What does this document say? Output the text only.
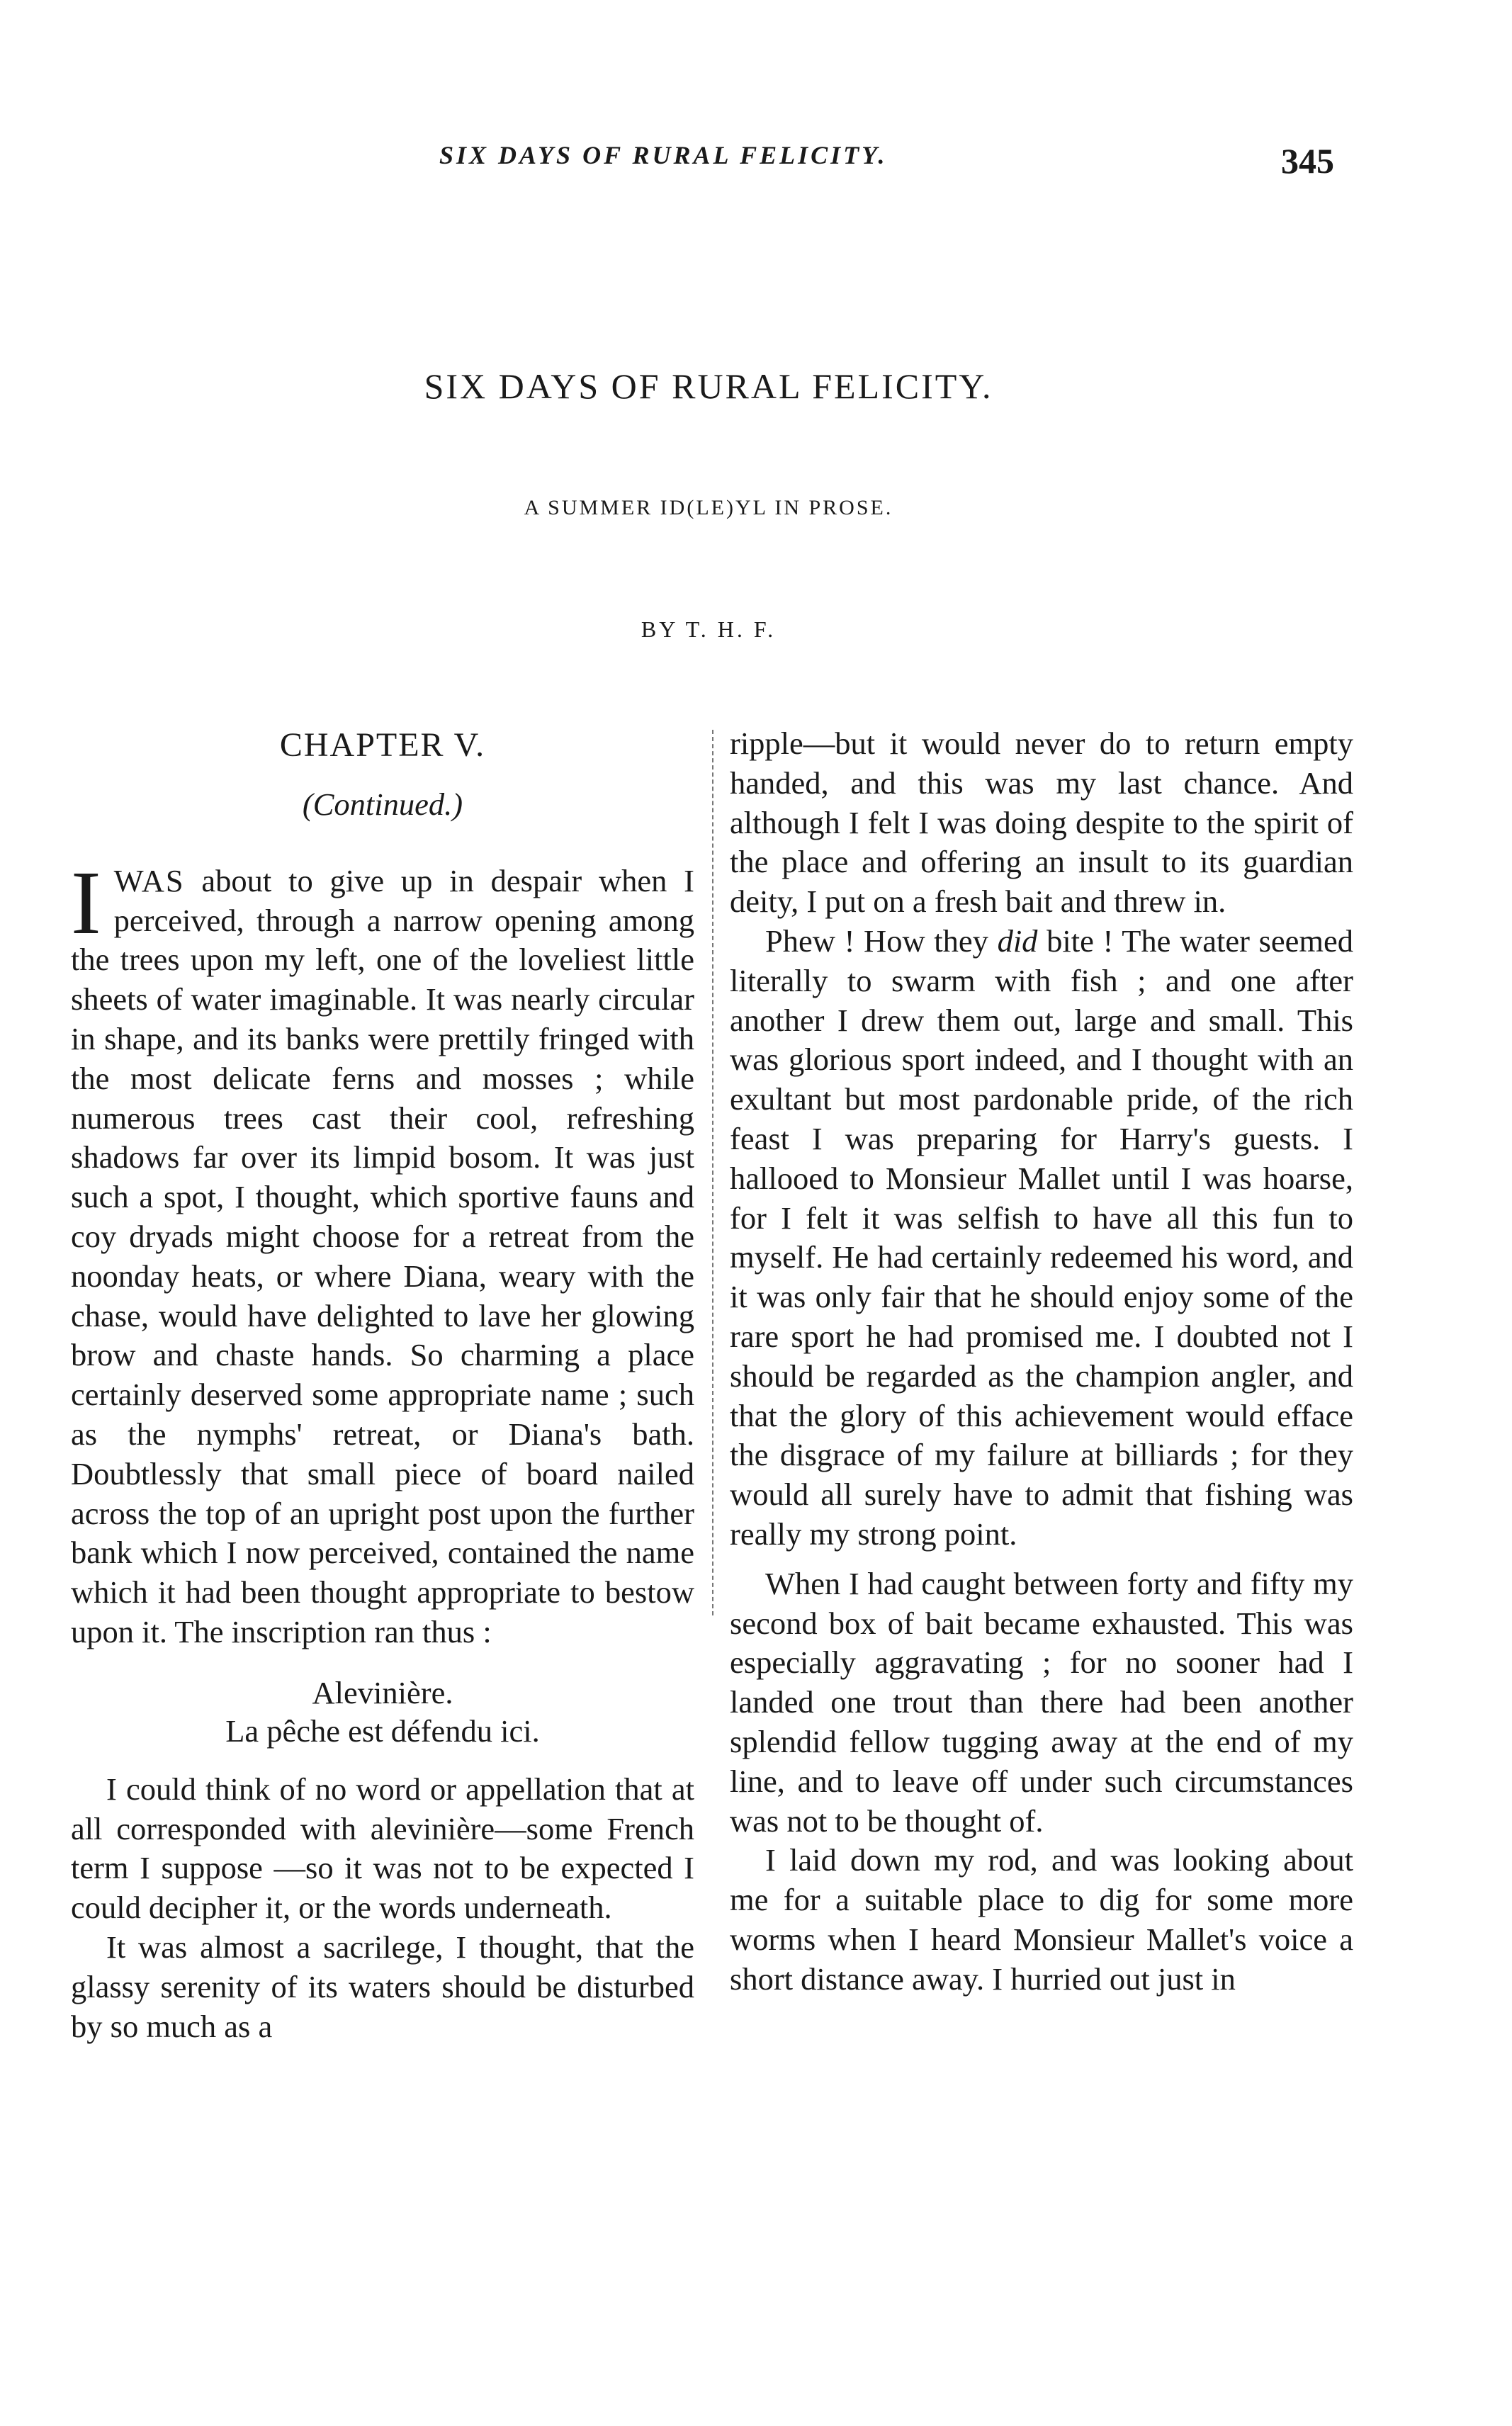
SIX DAYS OF RURAL FELICITY.	345
SIX DAYS OF RURAL FELICITY.
A SUMMER ID(LE)YL IN PROSE.
BY T. H. F.
CHAPTER V.
(Continued.)

IWAS about to give up in despair when I perceived, through a narrow opening among the trees upon my left, one of the loveliest little sheets of water imaginable. It was nearly circular in shape, and its banks were prettily fringed with the most delicate ferns and mosses ; while numerous trees cast their cool, refreshing shadows far over its limpid bosom. It was just such a spot, I thought, which sportive fauns and coy dryads might choose for a retreat from the noonday heats, or where Diana, weary with the chase, would have delighted to lave her glowing brow and chaste hands. So charming a place certainly deserved some appropriate name ; such as the nymphs' retreat, or Diana's bath. Doubtlessly that small piece of board nailed across the top of an upright post upon the further bank which I now perceived, contained the name which it had been thought appropriate to bestow upon it. The inscription ran thus :

Alevinière.
La pêche est défendu ici.

I could think of no word or appellation that at all corresponded with alevinière—some French term I suppose —so it was not to be expected I could decipher it, or the words underneath.

It was almost a sacrilege, I thought, that the glassy serenity of its waters should be disturbed by so much as a

ripple—but it would never do to return empty handed, and this was my last chance. And although I felt I was doing despite to the spirit of the place and offering an insult to its guardian deity, I put on a fresh bait and threw in.

Phew ! How they did bite ! The water seemed literally to swarm with fish ; and one after another I drew them out, large and small. This was glorious sport indeed, and I thought with an exultant but most pardonable pride, of the rich feast I was preparing for Harry's guests. I hallooed to Monsieur Mallet until I was hoarse, for I felt it was selfish to have all this fun to myself. He had certainly redeemed his word, and it was only fair that he should enjoy some of the rare sport he had promised me. I doubted not I should be regarded as the champion angler, and that the glory of this achievement would efface the disgrace of my failure at billiards ; for they would all surely have to admit that fishing was really my strong point.

When I had caught between forty and fifty my second box of bait became exhausted. This was especially aggravating ; for no sooner had I landed one trout than there had been another splendid fellow tugging away at the end of my line, and to leave off under such circumstances was not to be thought of.

I laid down my rod, and was looking about me for a suitable place to dig for some more worms when I heard Monsieur Mallet's voice a short distance away. I hurried out just in
